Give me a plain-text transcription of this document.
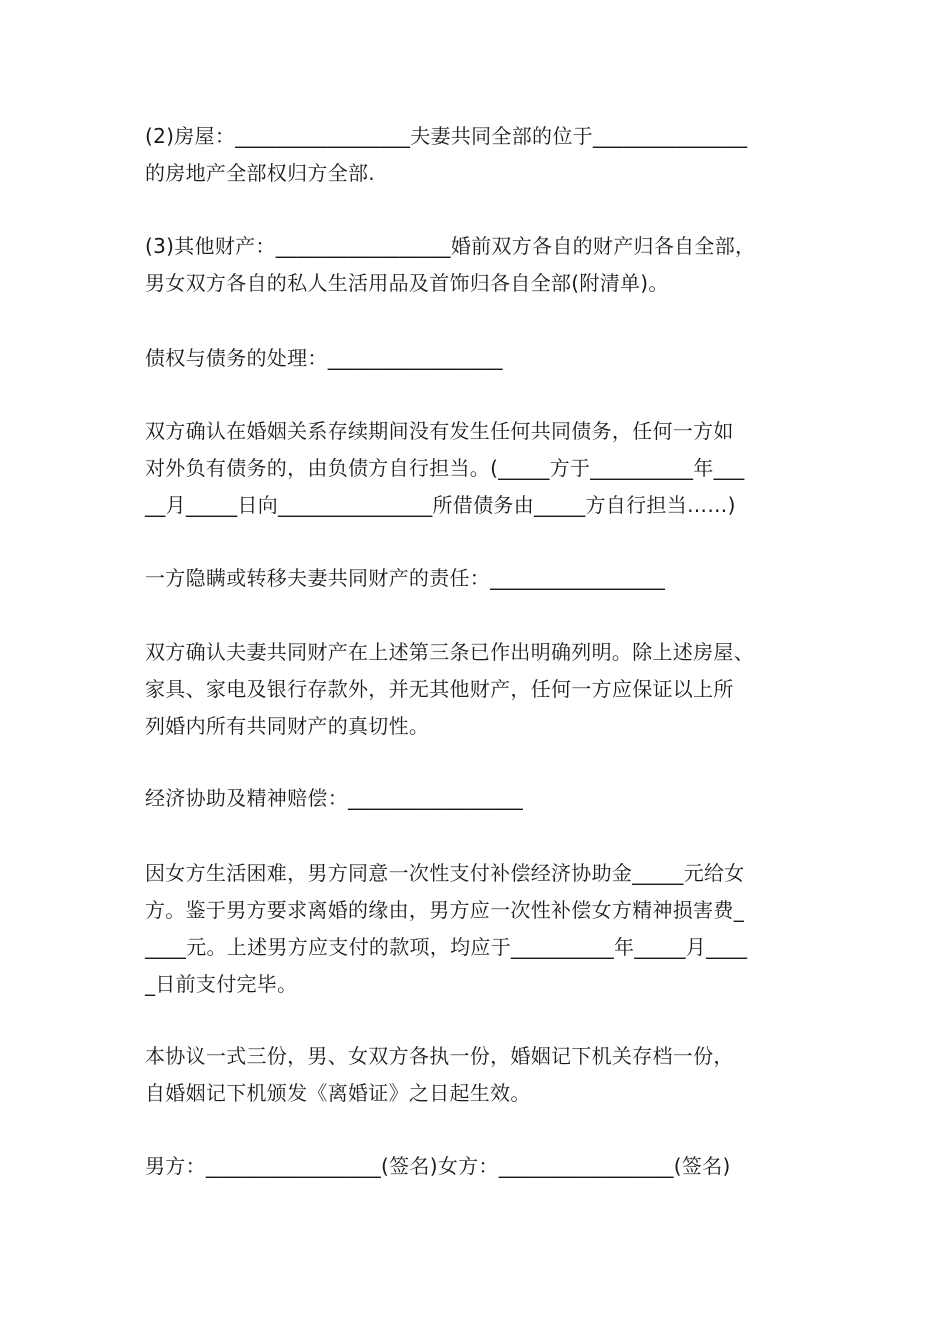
(2)房屋：_________________夫妻共同全部的位于_______________
的房地产全部权归方全部.
(3)其他财产：_________________婚前双方各自的财产归各自全部，
男女双方各自的私人生活用品及首饰归各自全部(附清单)。
债权与债务的处理：_________________
双方确认在婚姻关系存续期间没有发生任何共同债务，任何一方如
对外负有债务的，由负债方自行担当。(_____方于__________年___
__月_____日向_______________所借债务由_____方自行担当……)
一方隐瞒或转移夫妻共同财产的责任：_________________
双方确认夫妻共同财产在上述第三条已作出明确列明。除上述房屋、
家具、家电及银行存款外，并无其他财产，任何一方应保证以上所
列婚内所有共同财产的真切性。
经济协助及精神赔偿：_________________
因女方生活困难，男方同意一次性支付补偿经济协助金_____元给女
方。鉴于男方要求离婚的缘由，男方应一次性补偿女方精神损害费_
____元。上述男方应支付的款项，均应于__________年_____月____
_日前支付完毕。
本协议一式三份，男、女双方各执一份，婚姻记下机关存档一份，
自婚姻记下机颁发《离婚证》之日起生效。
男方：_________________(签名)女方：_________________(签名)
